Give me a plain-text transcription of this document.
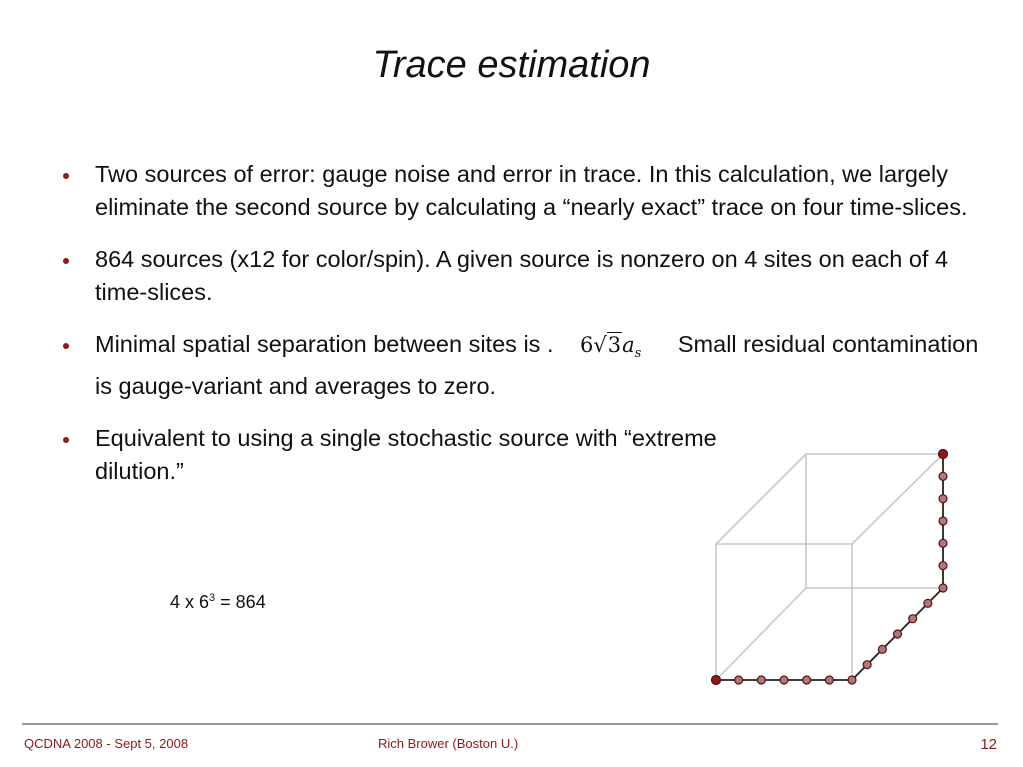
Trace estimation
Two sources of error: gauge noise and error in trace. In this calculation, we largely eliminate the second source by calculating a “nearly exact” trace on four time-slices.
864 sources (x12 for color/spin). A given source is nonzero on 4 sites on each of 4 time-slices.
Minimal spatial separation between sites is . $6√3a_s$ Small residual contamination is gauge-variant and averages to zero.
Equivalent to using a single stochastic source with “extreme dilution.”
4 x $6^3 = 864$
QCDNA 2008 - Sept 5, 2008	Rich Brower (Boston U.)	12
